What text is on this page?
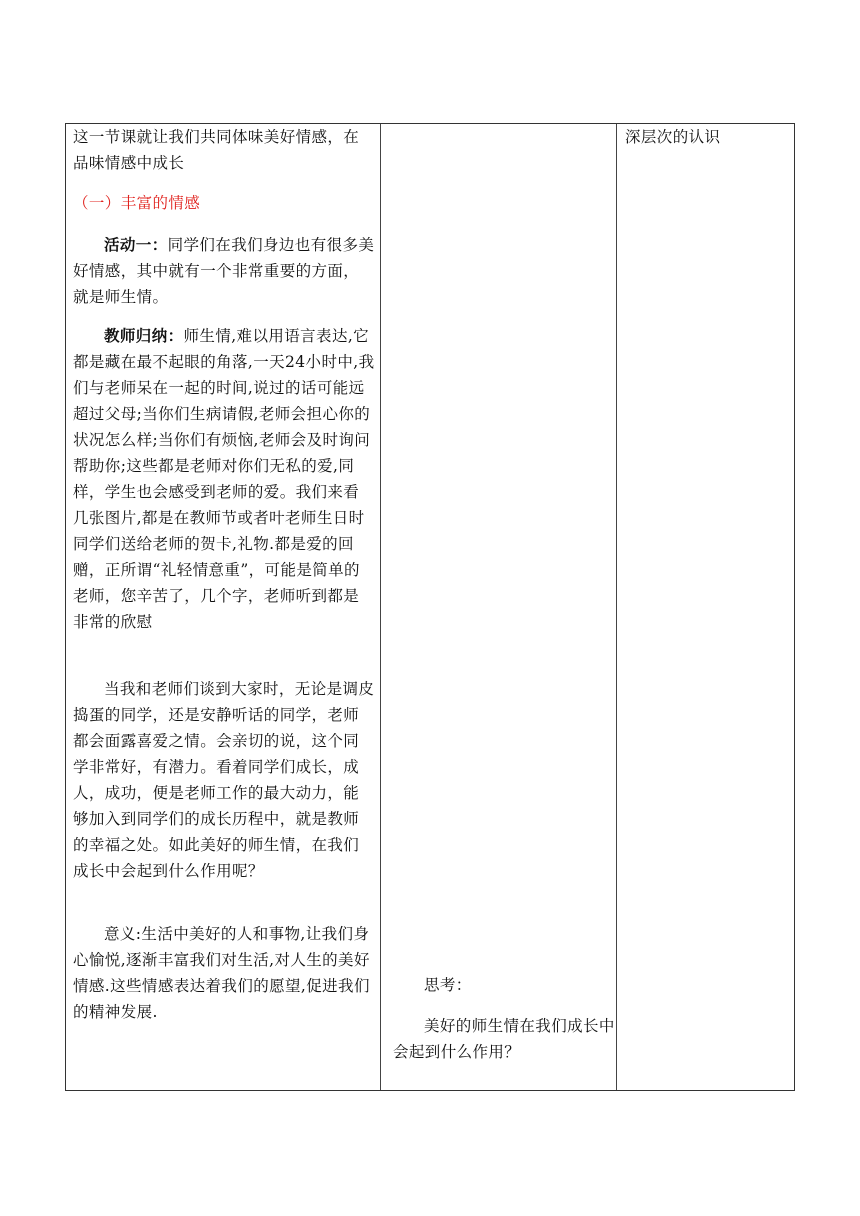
这一节课就让我们共同体味美好情感，在品味情感中成长

（一）丰富的情感

活动一：同学们在我们身边也有很多美好情感，其中就有一个非常重要的方面，就是师生情。

教师归纳：师生情,难以用语言表达,它都是藏在最不起眼的角落,一天24小时中,我们与老师呆在一起的时间,说过的话可能远超过父母;当你们生病请假,老师会担心你的状况怎么样;当你们有烦恼,老师会及时询问帮助你;这些都是老师对你们无私的爱,同样，学生也会感受到老师的爱。我们来看几张图片,都是在教师节或者叶老师生日时同学们送给老师的贺卡,礼物.都是爱的回赠，正所谓“礼轻情意重”，可能是简单的老师，您辛苦了，几个字，老师听到都是非常的欣慰

当我和老师们谈到大家时，无论是调皮捣蛋的同学，还是安静听话的同学，老师都会面露喜爱之情。会亲切的说，这个同学非常好，有潜力。看着同学们成长，成人，成功，便是老师工作的最大动力，能够加入到同学们的成长历程中，就是教师的幸福之处。如此美好的师生情，在我们成长中会起到什么作用呢？

意义:生活中美好的人和事物,让我们身心愉悦,逐渐丰富我们对生活,对人生的美好情感.这些情感表达着我们的愿望,促进我们的精神发展.

思考：

美好的师生情在我们成长中会起到什么作用？

深层次的认识
